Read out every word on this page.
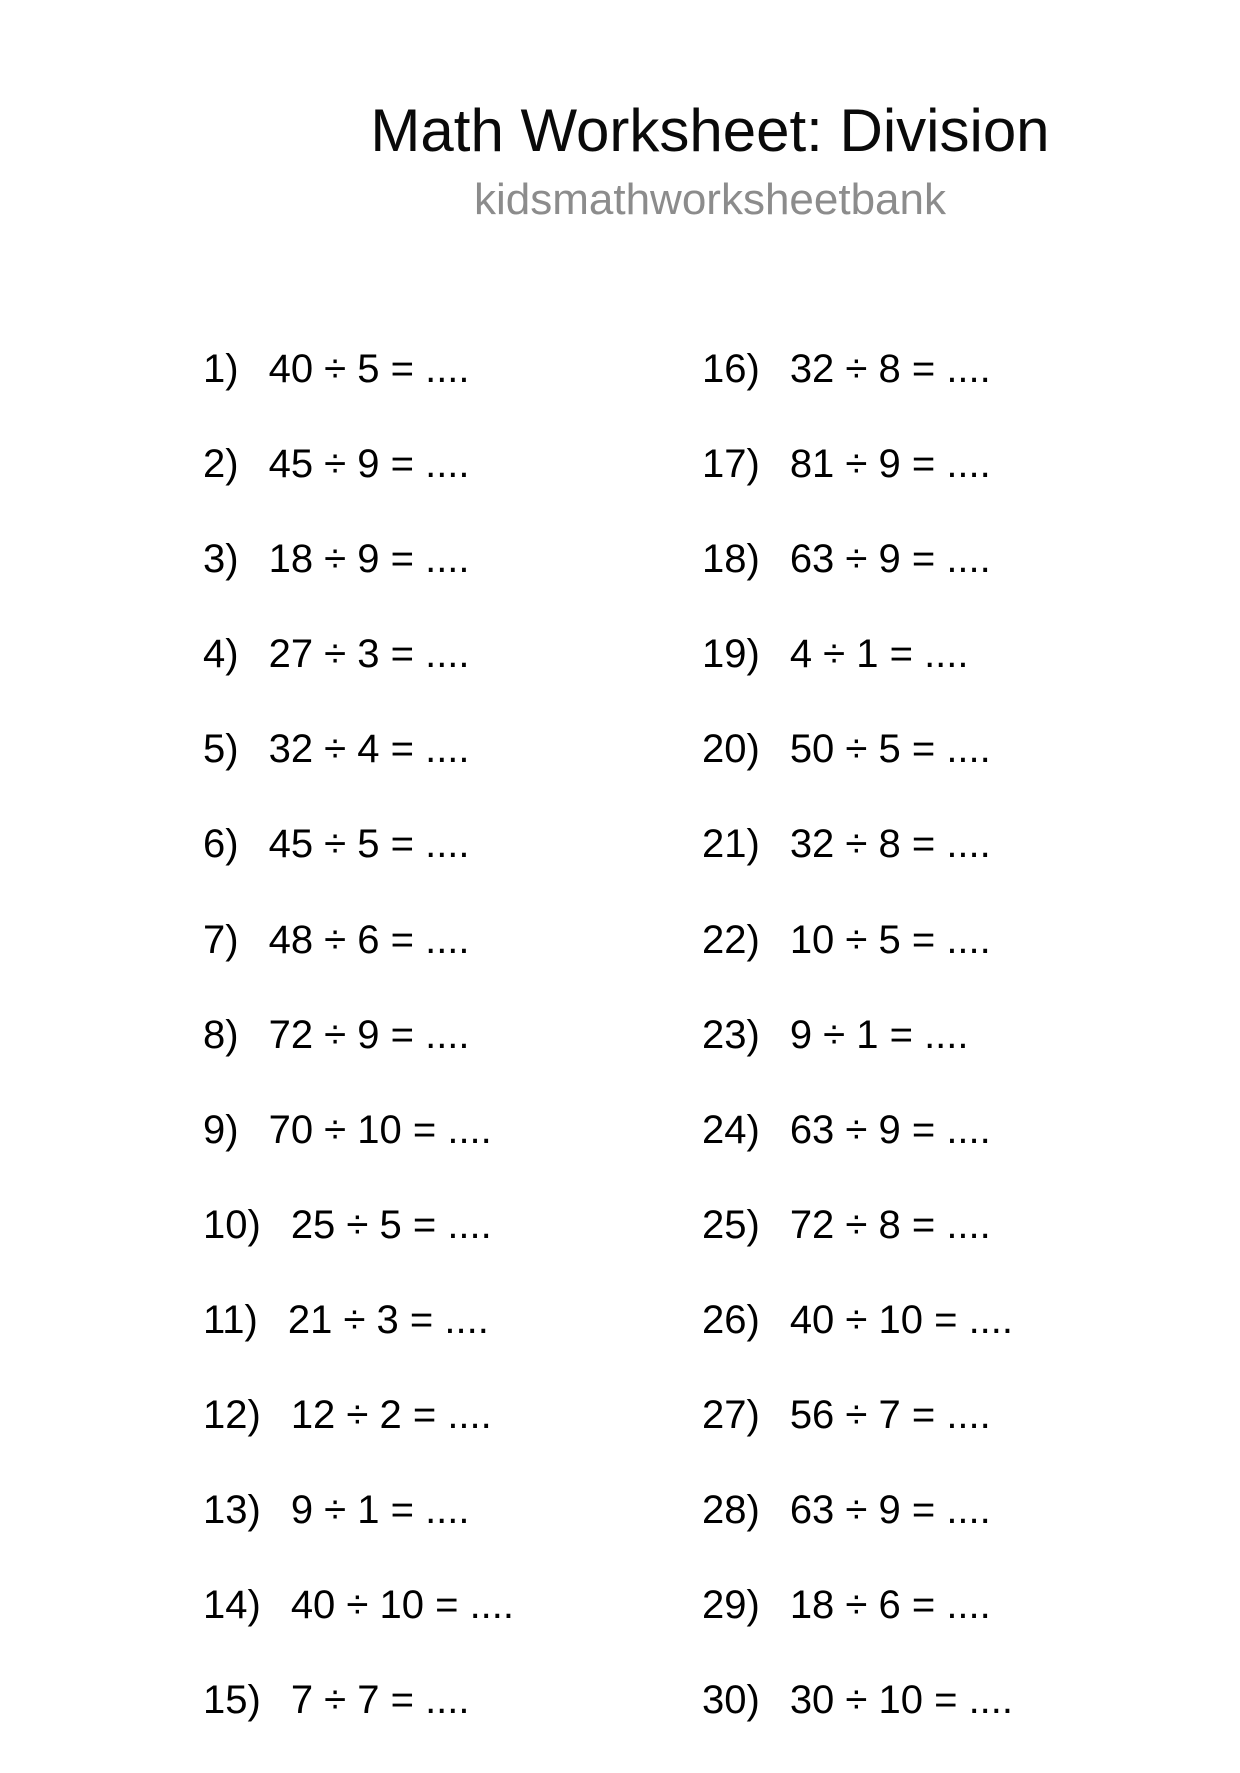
Math Worksheet: Division
kidsmathworksheetbank
1) 40 ÷ 5 = ....
2) 45 ÷ 9 = ....
3) 18 ÷ 9 = ....
4) 27 ÷ 3 = ....
5) 32 ÷ 4 = ....
6) 45 ÷ 5 = ....
7) 48 ÷ 6 = ....
8) 72 ÷ 9 = ....
9) 70 ÷ 10 = ....
10) 25 ÷ 5 = ....
11) 21 ÷ 3 = ....
12) 12 ÷ 2 = ....
13) 9 ÷ 1 = ....
14) 40 ÷ 10 = ....
15) 7 ÷ 7 = ....
16) 32 ÷ 8 = ....
17) 81 ÷ 9 = ....
18) 63 ÷ 9 = ....
19) 4 ÷ 1 = ....
20) 50 ÷ 5 = ....
21) 32 ÷ 8 = ....
22) 10 ÷ 5 = ....
23) 9 ÷ 1 = ....
24) 63 ÷ 9 = ....
25) 72 ÷ 8 = ....
26) 40 ÷ 10 = ....
27) 56 ÷ 7 = ....
28) 63 ÷ 9 = ....
29) 18 ÷ 6 = ....
30) 30 ÷ 10 = ....
